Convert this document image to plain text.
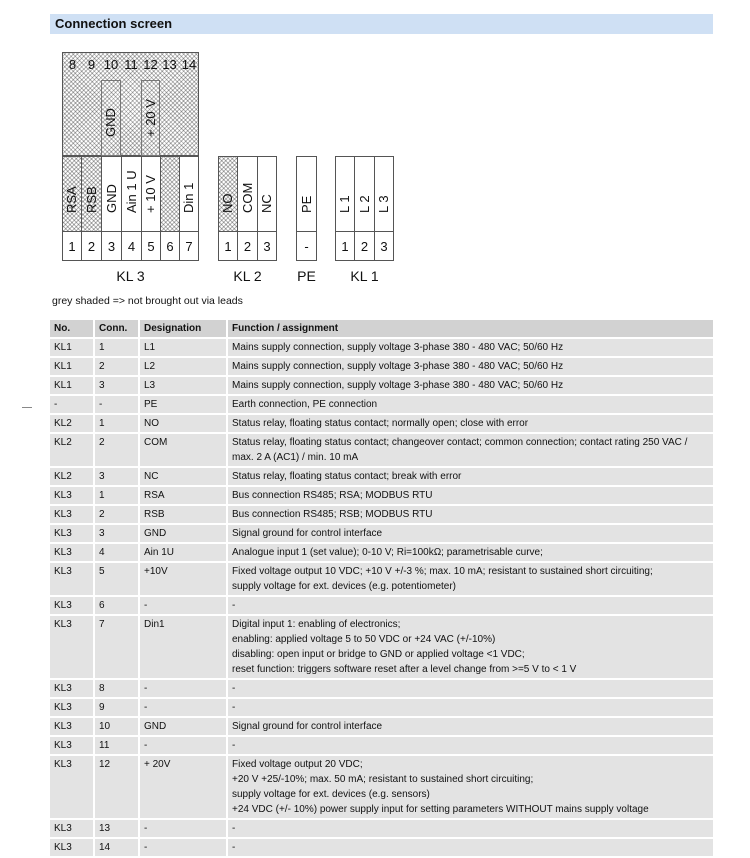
Connection screen
8 9 10 11 12 13 14
GND + 20 V
RSA RSB GND Ain 1 U + 10 V Din 1
1 2 3 4 5 6 7
KL 3
NO COM NC
1 2 3
KL 2
PE
-
PE
L 1 L 2 L 3
1 2 3
KL 1
grey shaded => not brought out via leads
No.	Conn.	Designation	Function / assignment
KL1	1	L1	Mains supply connection, supply voltage 3-phase 380 - 480 VAC; 50/60 Hz
KL1	2	L2	Mains supply connection, supply voltage 3-phase 380 - 480 VAC; 50/60 Hz
KL1	3	L3	Mains supply connection, supply voltage 3-phase 380 - 480 VAC; 50/60 Hz
-	-	PE	Earth connection, PE connection
KL2	1	NO	Status relay, floating status contact; normally open; close with error
KL2	2	COM	Status relay, floating status contact; changeover contact; common connection; contact rating 250 VAC / max. 2 A (AC1) / min. 10 mA
KL2	3	NC	Status relay, floating status contact; break with error
KL3	1	RSA	Bus connection RS485; RSA; MODBUS RTU
KL3	2	RSB	Bus connection RS485; RSB; MODBUS RTU
KL3	3	GND	Signal ground for control interface
KL3	4	Ain 1U	Analogue input 1 (set value); 0-10 V; Ri=100kΩ; parametrisable curve;
KL3	5	+10V	Fixed voltage output 10 VDC; +10 V +/-3 %; max. 10 mA; resistant to sustained short circuiting;
supply voltage for ext. devices (e.g. potentiometer)
KL3	6	-	-
KL3	7	Din1	Digital input 1: enabling of electronics;
enabling: applied voltage 5 to 50 VDC or +24 VAC (+/-10%)
disabling: open input or bridge to GND or applied voltage <1 VDC;
reset function: triggers software reset after a level change from >=5 V to < 1 V
KL3	8	-	-
KL3	9	-	-
KL3	10	GND	Signal ground for control interface
KL3	11	-	-
KL3	12	+ 20V	Fixed voltage output 20 VDC;
+20 V +25/-10%; max. 50 mA; resistant to sustained short circuiting;
supply voltage for ext. devices (e.g. sensors)
+24 VDC (+/- 10%) power supply input for setting parameters WITHOUT mains supply voltage
KL3	13	-	-
KL3	14	-	-
